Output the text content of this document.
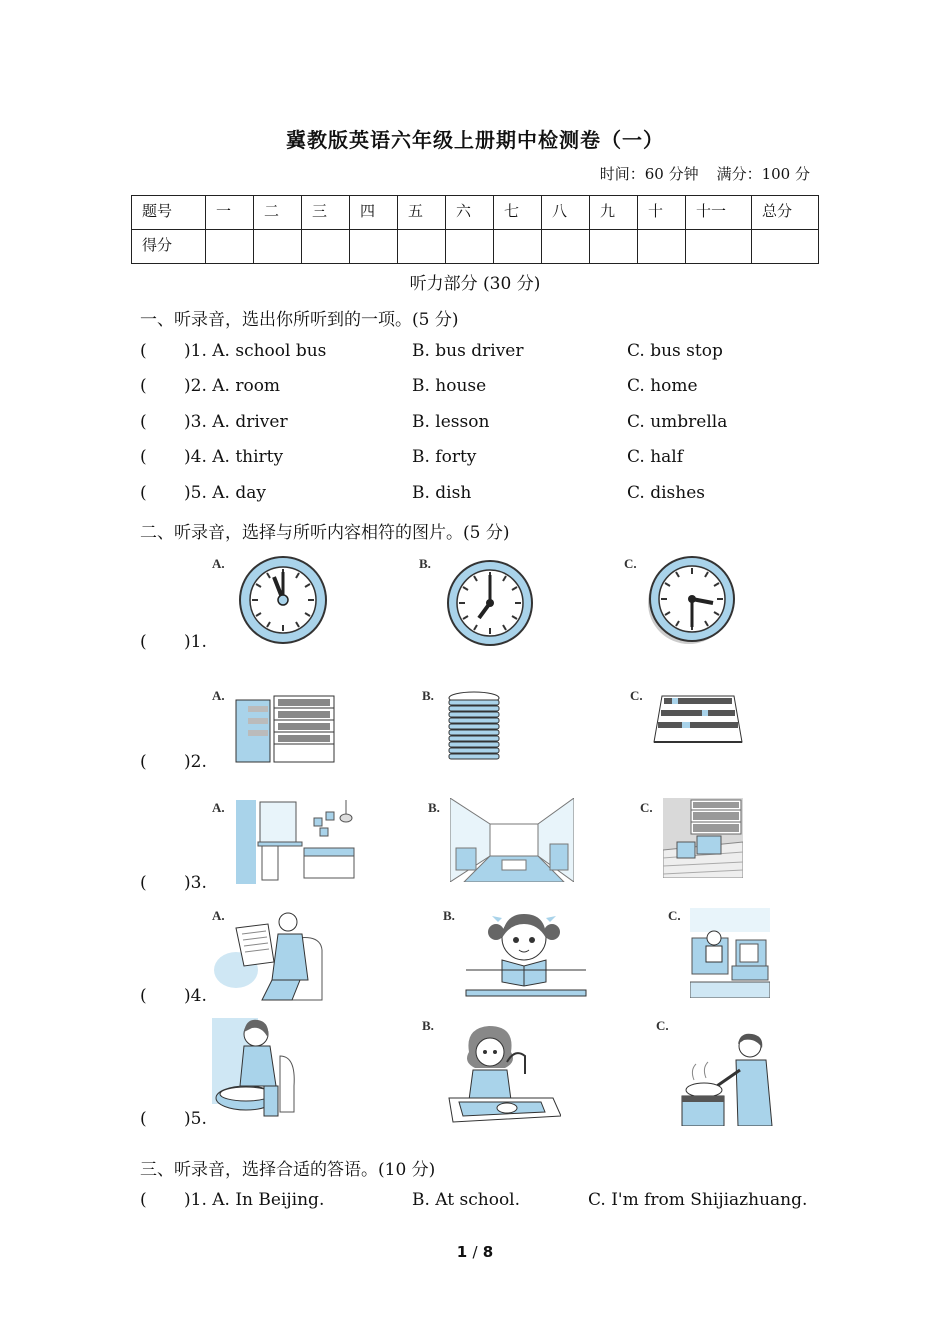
冀教版英语六年级上册期中检测卷（一）
时间：60 分钟 满分：100 分
题号	一	二	三	四	五	六	七	八	九	十	十一	总分
得分												
听力部分 (30 分)
一、听录音，选出你所听到的一项。(5 分)
( )1. A. school bus	B. bus driver	C. bus stop
( )2. A. room	B. house	C. home
( )3. A. driver	B. lesson	C. umbrella
( )4. A. thirty	B. forty	C. half
( )5. A. day	B. dish	C. dishes
二、听录音，选择与所听内容相符的图片。(5 分)
A.	B.	C.
( )1.
A.	B.	C.
( )2.
A.	B.	C.
( )3.
A.	B.	C.
( )4.
B.	C.
( )5.
三、听录音，选择合适的答语。(10 分)
( )1. A. In Beijing.	B. At school.	C. I'm from Shijiazhuang.
1 / 8
